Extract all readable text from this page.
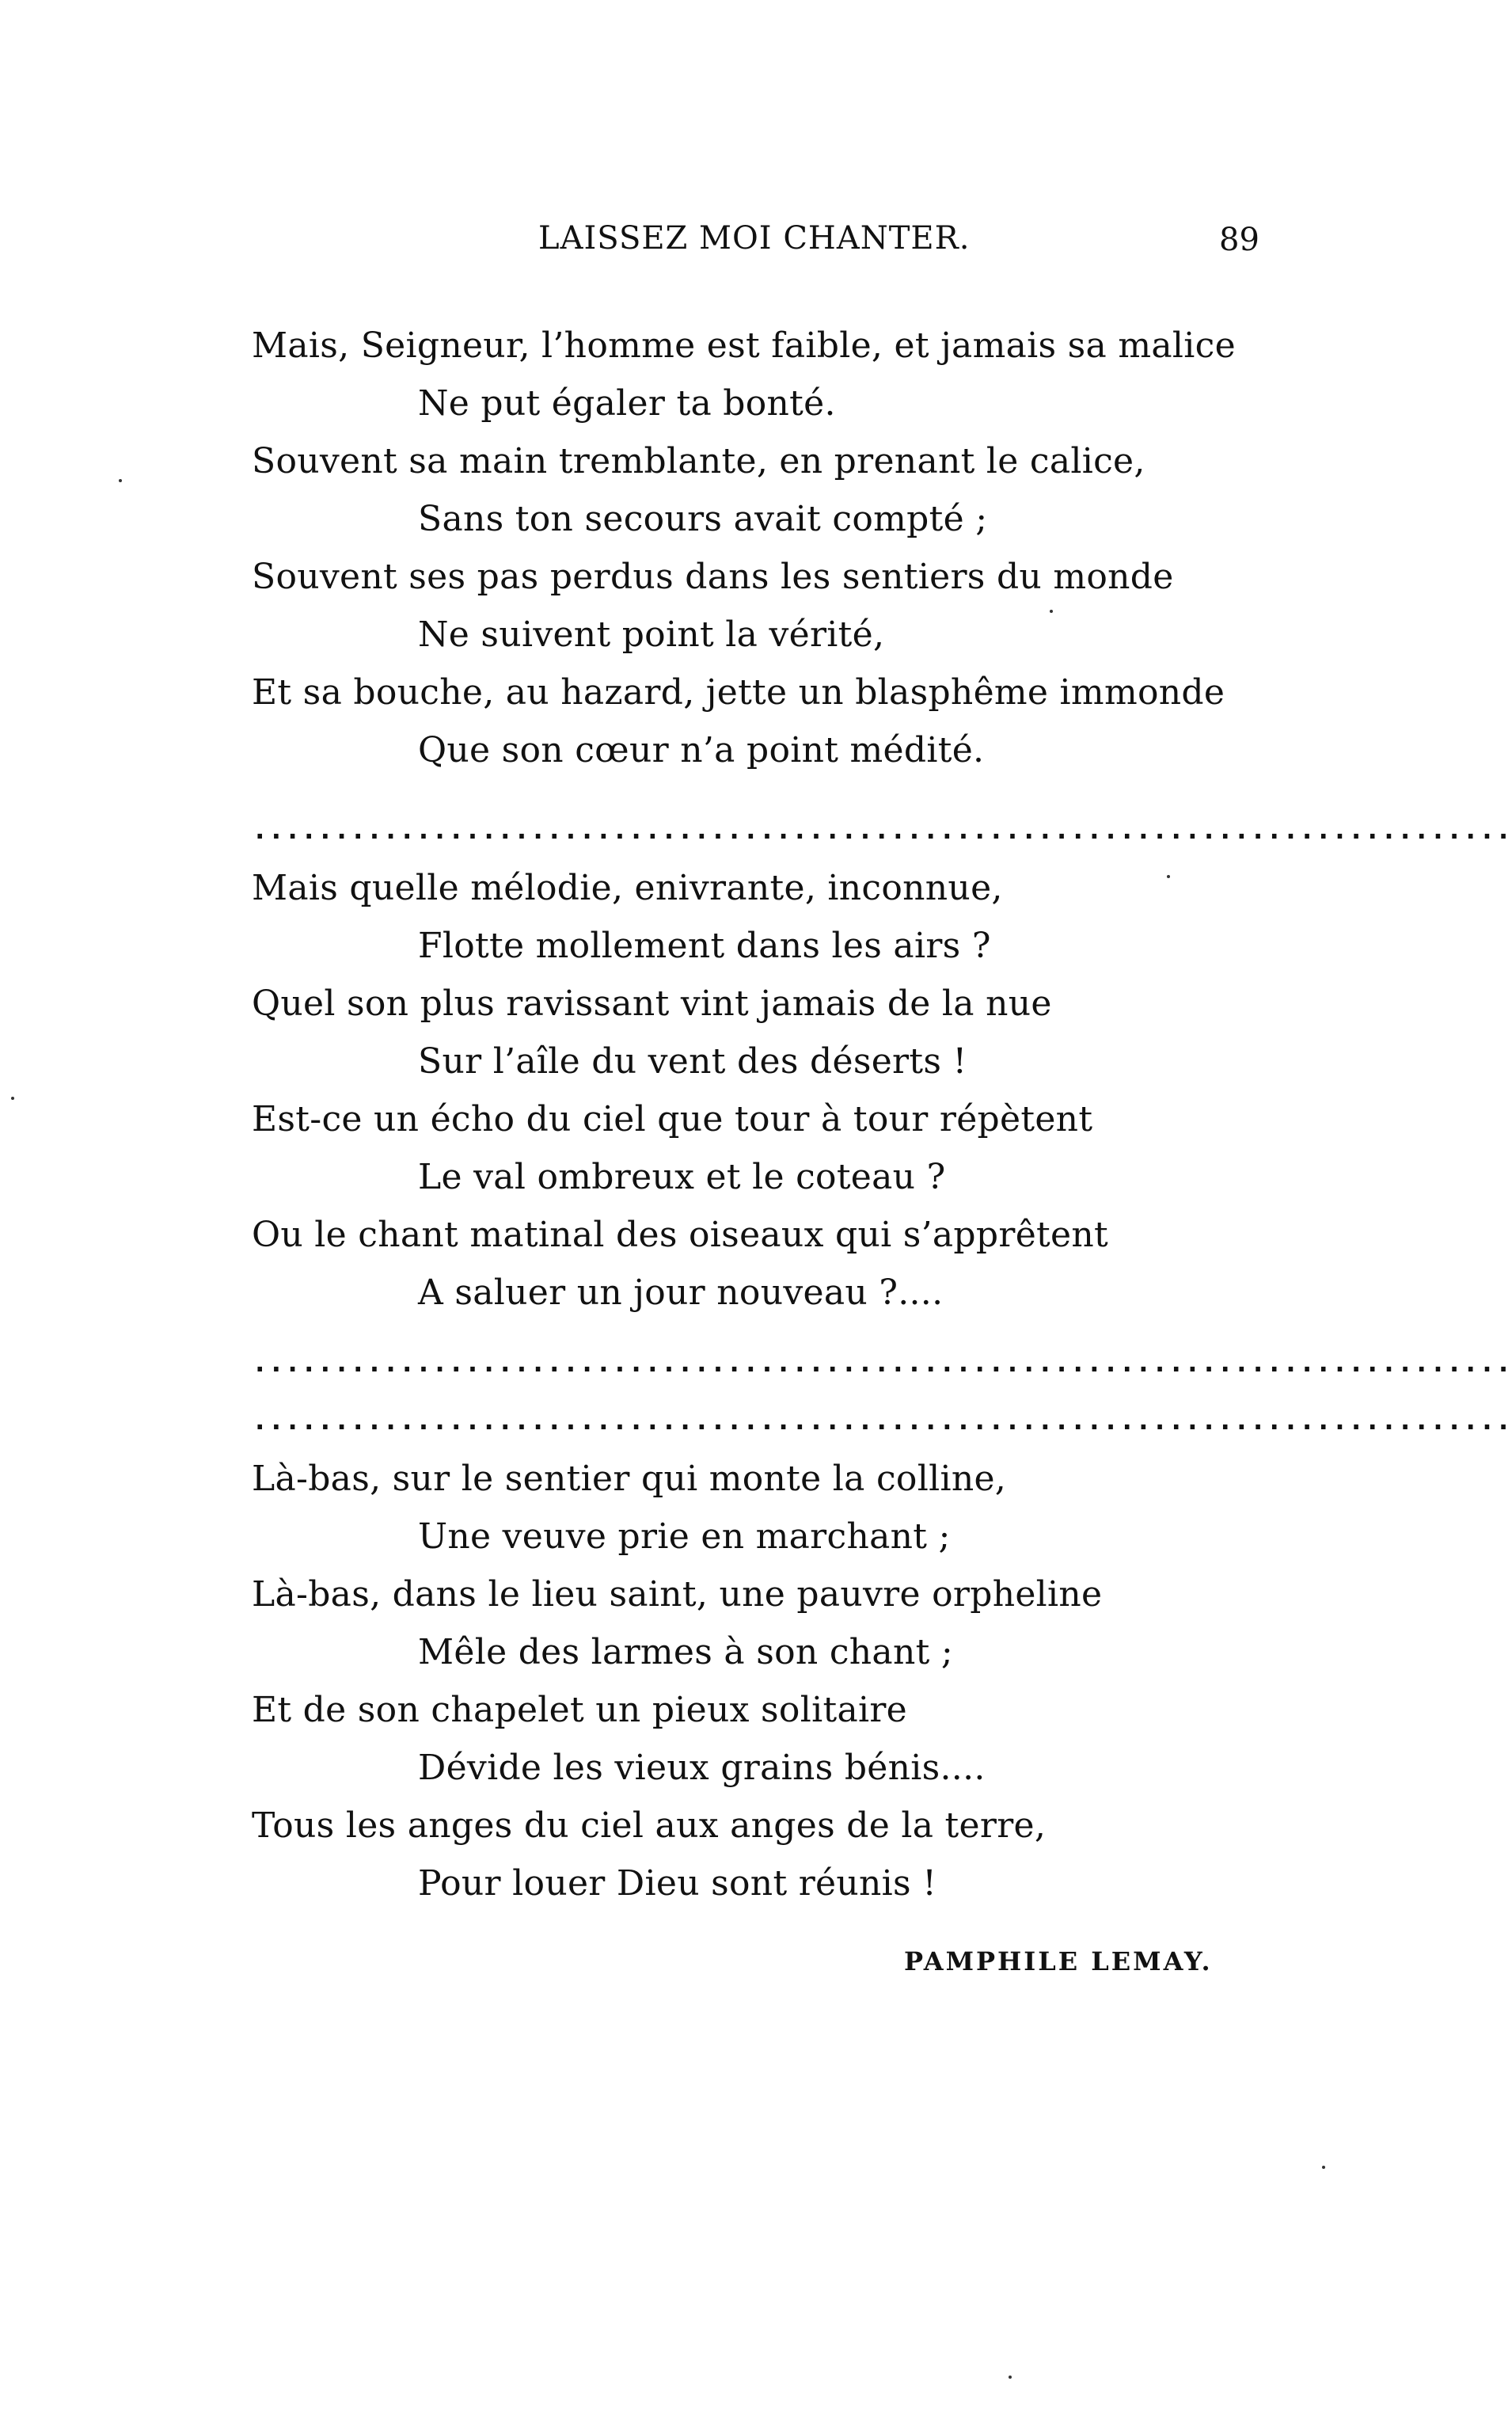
LAISSEZ MOI CHANTER.	89
Mais, Seigneur, l’homme est faible, et jamais sa malice
Ne put égaler ta bonté.
Souvent sa main tremblante, en prenant le calice,
Sans ton secours avait compté ;
Souvent ses pas perdus dans les sentiers du monde
Ne suivent point la vérité,
Et sa bouche, au hazard, jette un blasphême immonde
Que son cœur n’a point médité.
.............................................................................
Mais quelle mélodie, enivrante, inconnue,
Flotte mollement dans les airs ?
Quel son plus ravissant vint jamais de la nue
Sur l’aîle du vent des déserts !
Est-ce un écho du ciel que tour à tour répètent
Le val ombreux et le coteau ?
Ou le chant matinal des oiseaux qui s’apprêtent
A saluer un jour nouveau ?....
.............................................................................
.............................................................................
Là-bas, sur le sentier qui monte la colline,
Une veuve prie en marchant ;
Là-bas, dans le lieu saint, une pauvre orpheline
Mêle des larmes à son chant ;
Et de son chapelet un pieux solitaire
Dévide les vieux grains bénis....
Tous les anges du ciel aux anges de la terre,
Pour louer Dieu sont réunis !
PAMPHILE LEMAY.
